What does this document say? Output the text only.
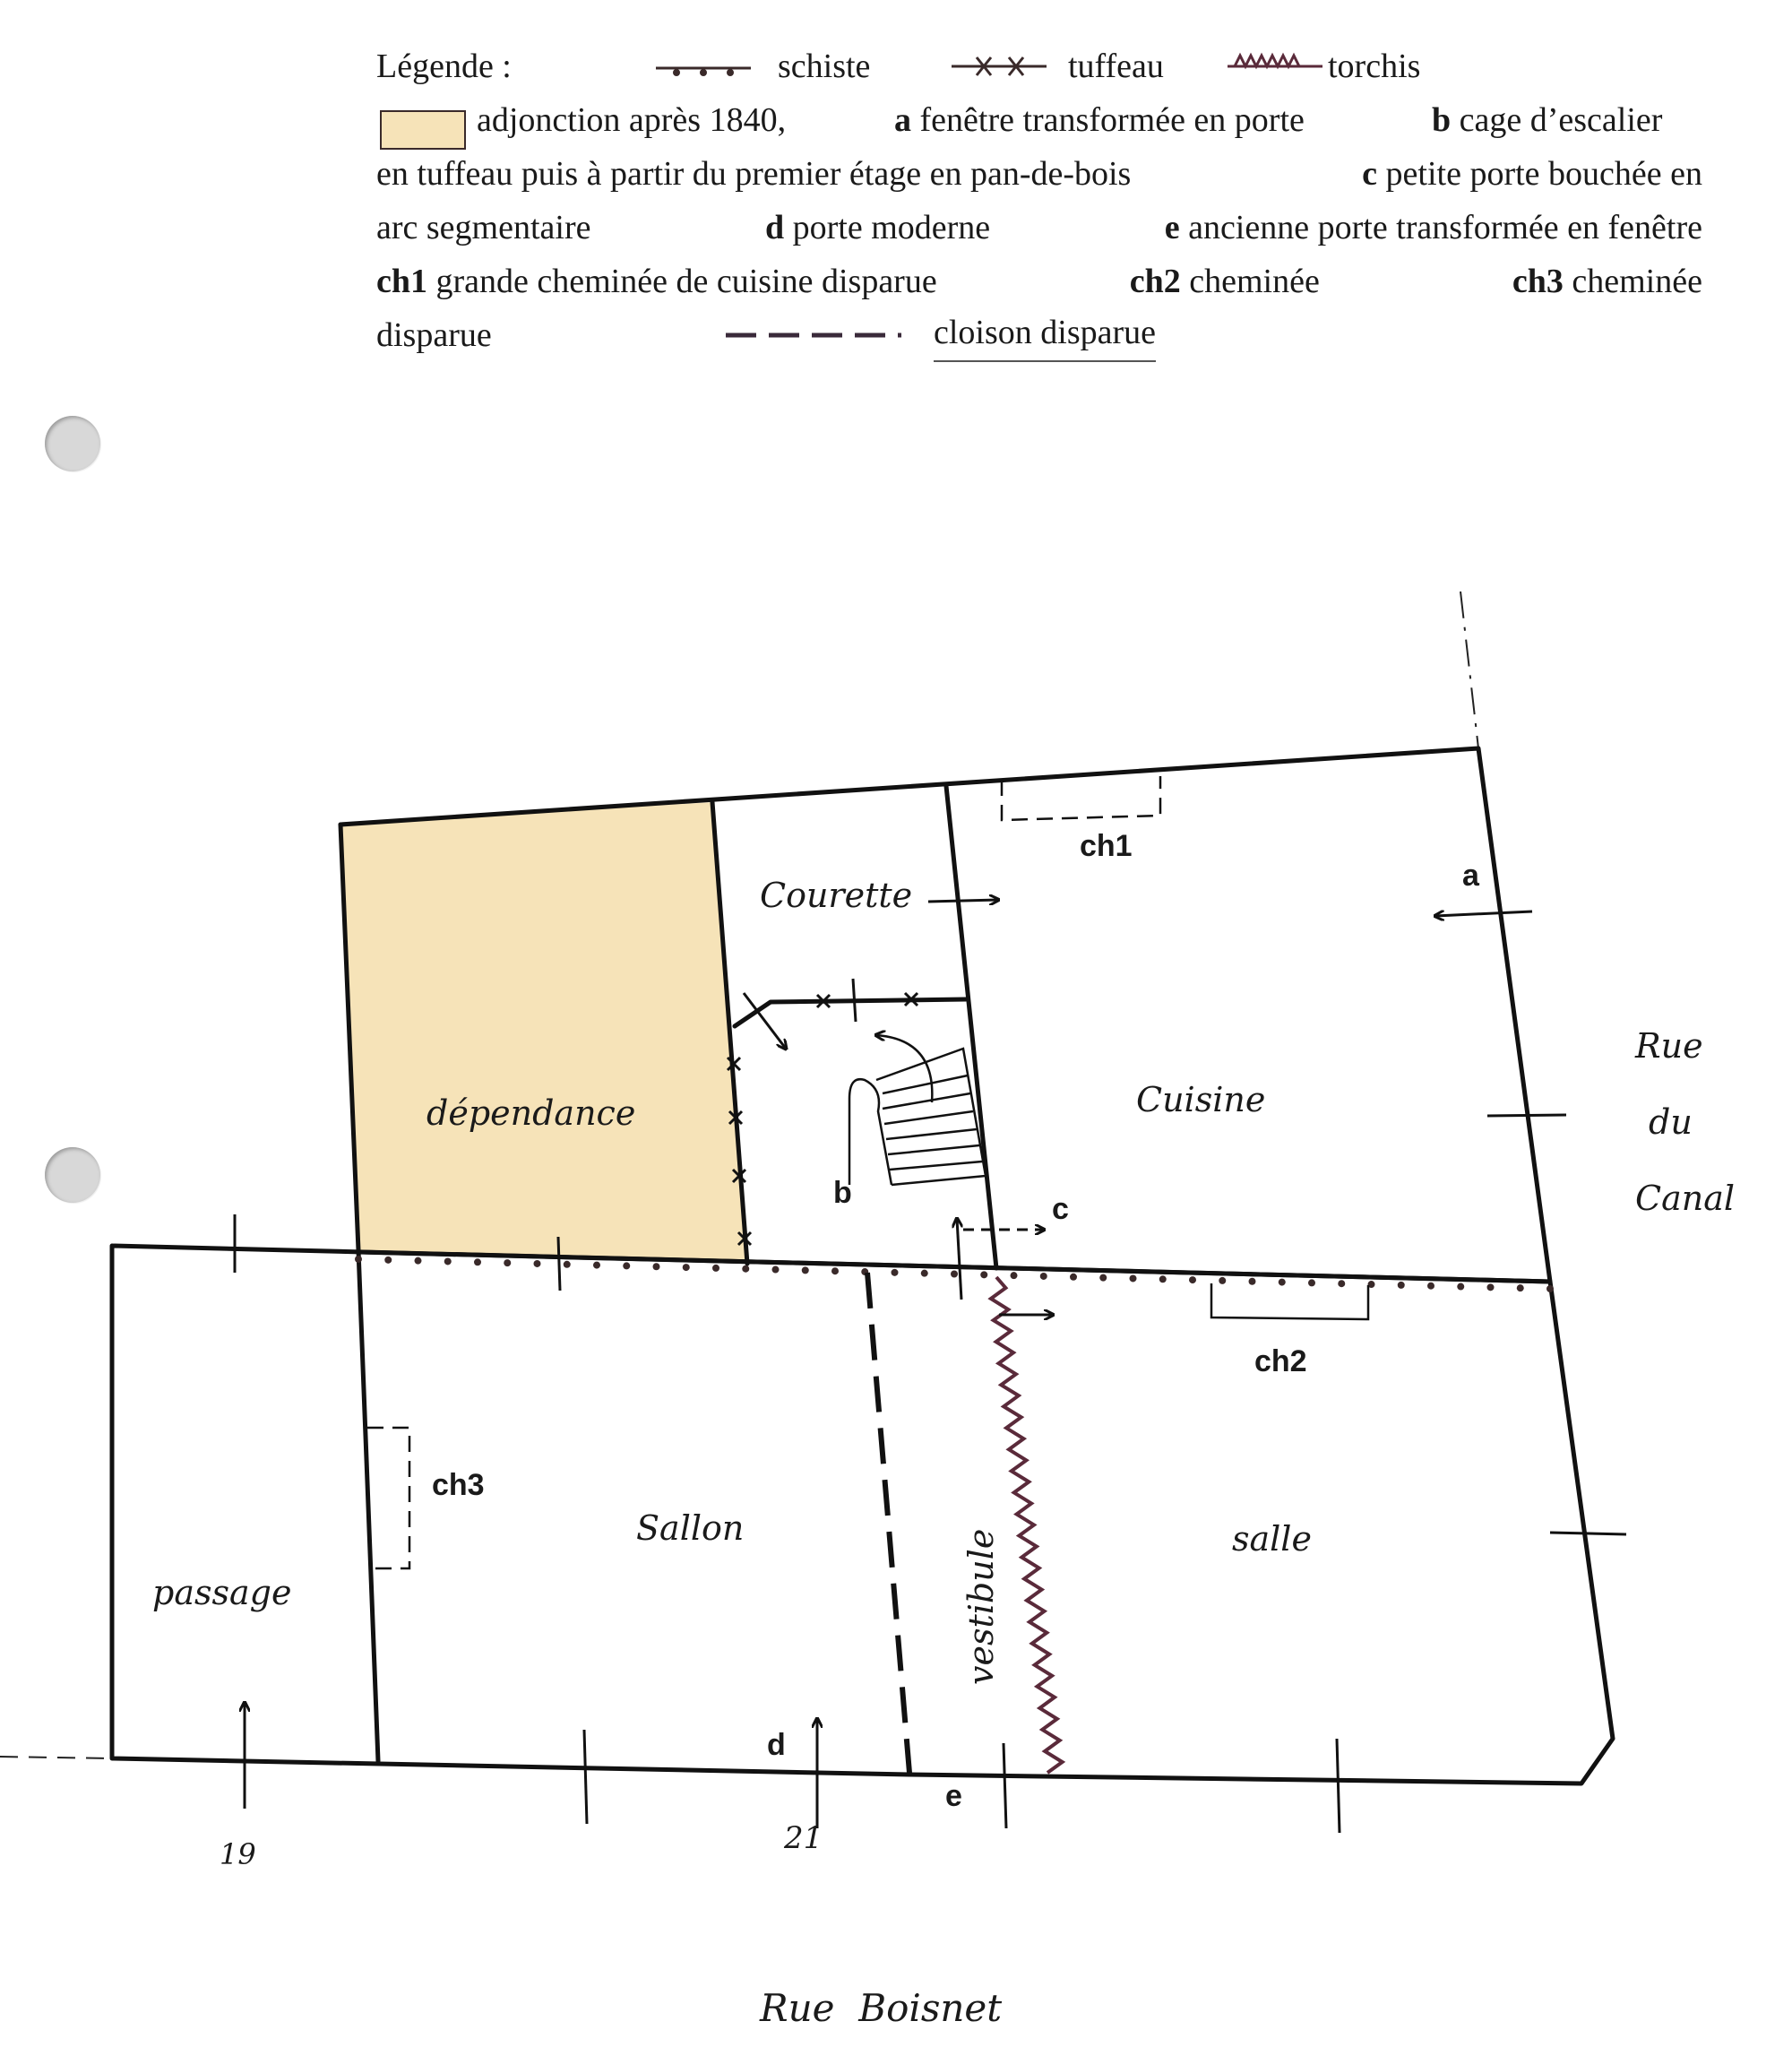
Légende :	schiste	tuffeau	torchis
adjonction après 1840,	a fenêtre transformée en porte	b cage d’escalier
en tuffeau puis à partir du premier étage en pan-de-bois	c petite porte bouchée en
arc segmentaire	d porte moderne	e ancienne porte transformée en fenêtre
ch1 grande cheminée de cuisine disparue	ch2 cheminée	ch3 cheminée
disparue	cloison disparue
Courette
dépendance	Cuisine
passage
Sallon	salle
vestibule
Rue
du
Canal
Rue  Boisnet
19	21
ch1
ch2
ch3
a
b	c
d
e
